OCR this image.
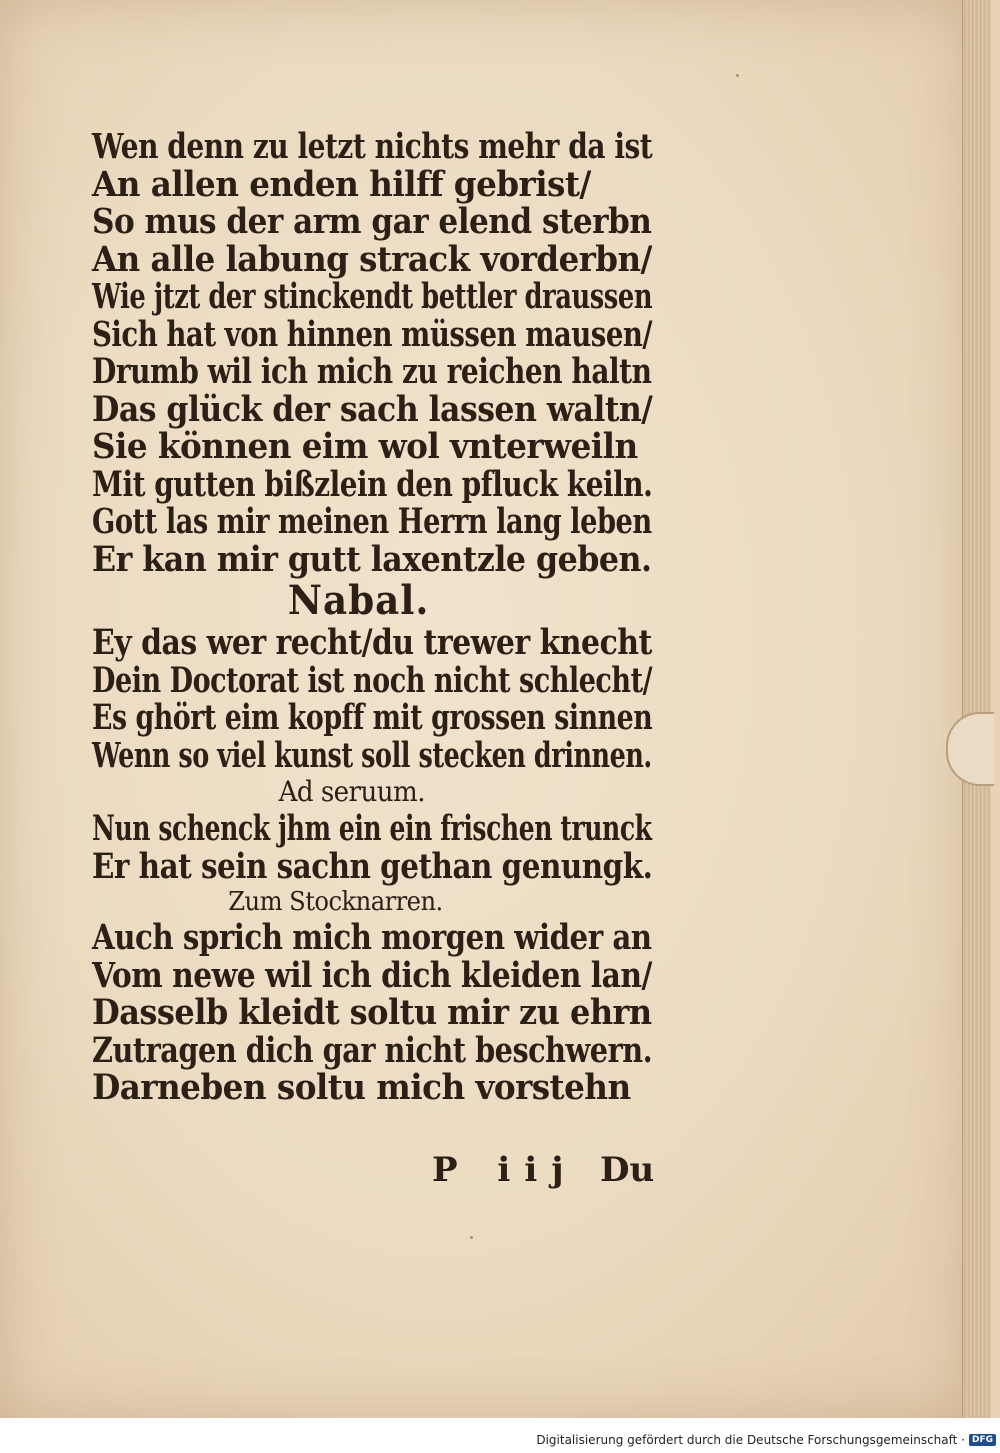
Wen denn zu letzt nichts mehr da ist
An allen enden hilff gebrist/
So mus der arm gar elend sterbn
An alle labung strack vorderbn/
Wie jtzt der stinckendt bettler draussen
Sich hat von hinnen müssen mausen/
Drumb wil ich mich zu reichen haltn
Das glück der sach lassen waltn/
Sie können eim wol vnterweiln
Mit gutten bißzlein den pfluck keiln.
Gott las mir meinen Herrn lang leben
Er kan mir gutt laxentzle geben.
Nabal.
Ey das wer recht/du trewer knecht
Dein Doctorat ist noch nicht schlecht/
Es ghört eim kopff mit grossen sinnen
Wenn so viel kunst soll stecken drinnen.
Ad seruum.
Nun schenck jhm ein ein frischen trunck
Er hat sein sachn gethan genungk.
Zum Stocknarren.
Auch sprich mich morgen wider an
Vom newe wil ich dich kleiden lan/
Dasselb kleidt soltu mir zu ehrn
Zutragen dich gar nicht beschwern.
Darneben soltu mich vorstehn
P iij Du
Digitalisierung gefördert durch die Deutsche Forschungsgemeinschaft · DFG
